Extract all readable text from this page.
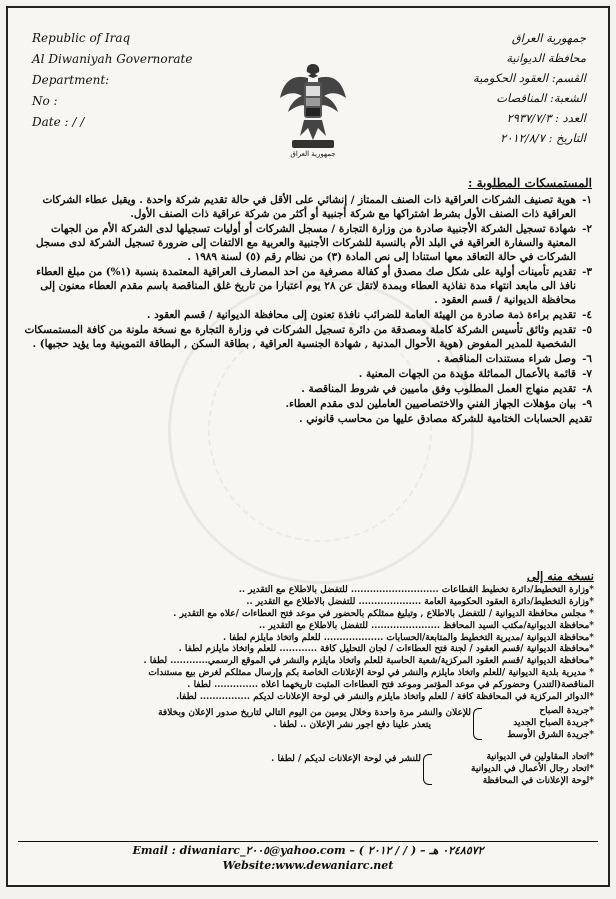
Republic of Iraq
Al Diwaniyah Governorate
Department:
No :
Date : / /
جمهورية العراق
جمهورية العراق
محافظة الديوانية
القسم: العقود الحكومية
الشعبة: المناقصات
العدد : ٢٩٣٧/٧/٣
التاريخ : ٢٠١٢/٨/٧
المستمسكات المطلوبة :
١-
هوية تصنيف الشركات العراقية ذات الصنف الممتاز / إنشائي على الأقل في حالة تقديم شركة واحدة . ويقبل عطاء الشركات العراقية ذات الصنف الأول بشرط اشتراكها مع شركة أجنبية أو أكثر من شركة عراقية ذات الصنف الأول.
٢-
شهادة تسجيل الشركة الأجنبية صادرة من وزارة التجارة / مسجل الشركات أو أوليات تسجيلها لدى الشركة الأم من الجهات المعنية والسفارة العراقية في البلد الأم بالنسبة للشركات الأجنبية والعربية مع الالتفات إلى ضرورة تسجيل الشركة لدى مسجل الشركات في حالة التعاقد معها استنادا إلى نص المادة (٣) من نظام رقم (٥) لسنة ١٩٨٩ .
٣-
تقديم تأمينات أولية على شكل صك مصدق أو كفالة مصرفية من احد المصارف العراقية المعتمدة بنسبة (١%) من مبلغ العطاء نافذ الى مابعد انتهاء مدة نفاذية العطاء وبمدة لاتقل عن ٢٨ يوم اعتبارا من تاريخ غلق المناقصة باسم مقدم العطاء معنون إلى محافظة الديوانية / قسم العقود .
٤-
تقديم براءة ذمة صادرة من الهيئة العامة للضرائب نافذة تعنون إلى محافظة الديوانية / قسم العقود .
٥-
تقديم وثائق تأسيس الشركة كاملة ومصدقة من دائرة تسجيل الشركات في وزارة التجارة مع نسخة ملونة من كافة المستمسكات الشخصية للمدير المفوض (هوية الأحوال المدنية , شهادة الجنسية العراقية , بطاقة السكن , البطاقة التموينية وما يؤيد حجبها) .
٦-
وصل شراء مستندات المناقصة .
٧-
قائمة بالأعمال المماثلة مؤيدة من الجهات المعنية .
٨-
تقديم منهاج العمل المطلوب وفق ماميين في شروط المناقصة .
٩-
بيان مؤهلات الجهاز الفني والاختصاصيين العاملين لدى مقدم العطاء.
تقديم الحسابات الختامية للشركة مصادق عليها من محاسب قانوني .
نسخه منه إلى
*وزارة التخطيط/دائرة تخطيط القطاعات ............................ للتفضل بالاطلاع مع التقدير ..
*وزارة التخطيط/دائرة العقود الحكومية العامة .................... للتفضل بالاطلاع مع التقدير ..
* مجلس محافظة الديوانية / للتفضل بالاطلاع , وتبليغ ممثلكم بالحضور في موعد فتح العطاءات /علاه مع التقدير .
*محافظة الديوانية/مكتب السيد المحافظ ...................... للتفضل بالاطلاع مع التقدير ..
*محافظة الديوانية /مديرية التخطيط والمتابعة/الحسابات ................... للعلم واتخاذ مايلزم لطفا .
*محافظة الديوانية /قسم العقود / لجنة فتح العطاءات / لجان التحليل كافة ............ للعلم واتخاذ مايلزم لطفا .
*محافظة الديوانية /قسم العقود المركزية/شعبة الحاسبة للعلم واتخاذ مايلزم والنشر في الموقع الرسمي............ لطفا .
* مديرية بلدية الديوانية /للعلم واتخاذ مايلزم والنشر في لوحة الإعلانات الخاصة بكم وإرسال ممثلكم لغرض بيع مستندات
المناقصة(التندر) وحضوركم في موعد المؤتمر وموعد فتح العطاءات المثبت تاريخهما أعلاه .............. لطفا .
*الدوائر المركزية في المحافظة كافة / للعلم واتخاذ مايلزم والنشر في لوحة الإعلانات لديكم ................ لطفا.
*جريدة الصباح
*جريدة الصباح الجديد
*جريدة الشرق الأوسط
للإعلان والنشر مرة واحدة وخلال يومين من اليوم التالي لتاريخ صدور الإعلان وبخلافة
يتعذر علينا دفع اجور نشر الإعلان .. لطفا .
*اتحاد المقاولين في الديوانية
*اتحاد رجال الأعمال في الديوانية
*لوحة الإعلانات في المحافظة
للنشر في لوحة الإعلانات لديكم / لطفا .
Email : diwaniarc_٢٠٠٥@yahoo.com – ( ٢٠١٢ / / ) – ٠٢٤٨٥٧٢ هـ
Website:www.dewaniarc.net
